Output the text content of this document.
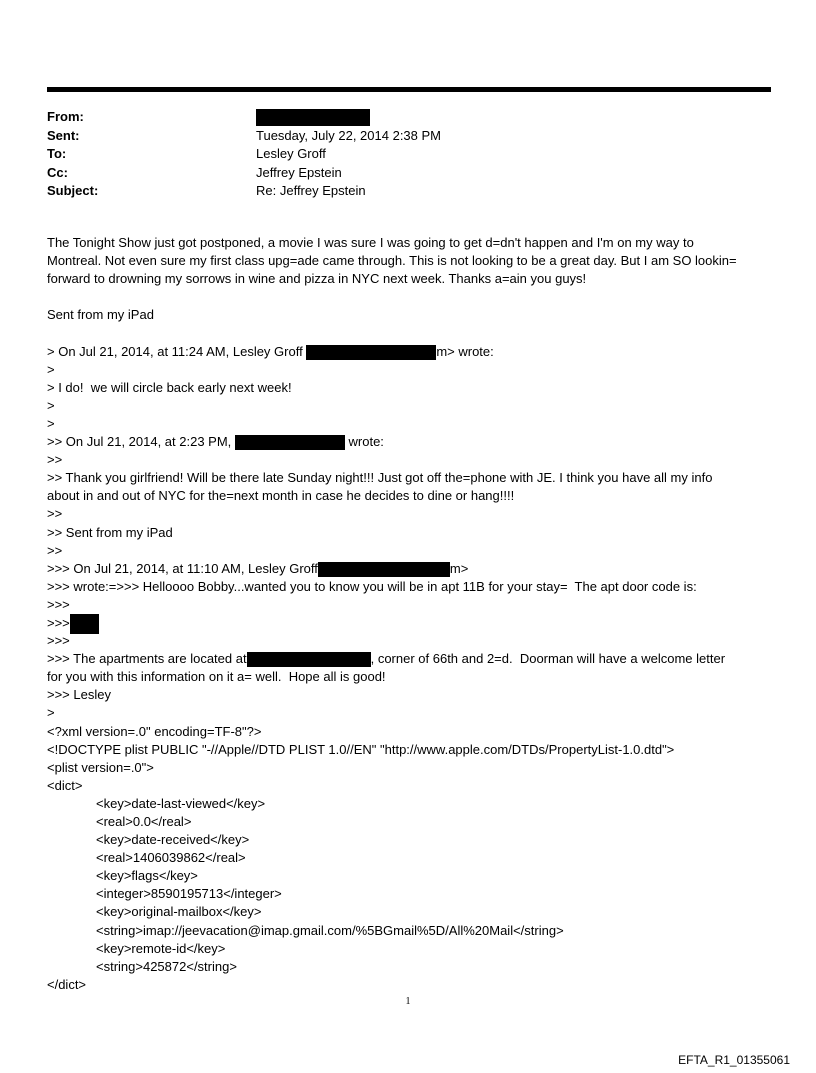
From:
Sent:	Tuesday, July 22, 2014 2:38 PM
To:	Lesley Groff
Cc:	Jeffrey Epstein
Subject:	Re: Jeffrey Epstein
The Tonight Show just got postponed, a movie I was sure I was going to get d=dn't happen and I'm on my way to
Montreal. Not even sure my first class upg=ade came through. This is not looking to be a great day. But I am SO lookin=
forward to drowning my sorrows in wine and pizza in NYC next week. Thanks a=ain you guys!
Sent from my iPad
> On Jul 21, 2014, at 11:24 AM, Lesley Groff	m> wrote:
>
> I do!  we will circle back early next week!
>
>
>> On Jul 21, 2014, at 2:23 PM,	wrote:
>>
>> Thank you girlfriend! Will be there late Sunday night!!! Just got off the=phone with JE. I think you have all my info
about in and out of NYC for the=next month in case he decides to dine or hang!!!!
>>
>> Sent from my iPad
>>
>>> On Jul 21, 2014, at 11:10 AM, Lesley Groff	m>
>>> wrote:=>>> Helloooo Bobby...wanted you to know you will be in apt 11B for your stay=  The apt door code is:
>>>
>>>
>>>
>>> The apartments are located at	, corner of 66th and 2=d.  Doorman will have a welcome letter
for you with this information on it a= well.  Hope all is good!
>>> Lesley
>
<?xml version=.0" encoding=TF-8"?>
<!DOCTYPE plist PUBLIC "-//Apple//DTD PLIST 1.0//EN" "http://www.apple.com/DTDs/PropertyList-1.0.dtd">
<plist version=.0">
<dict>
<key>date-last-viewed</key>
<real>0.0</real>
<key>date-received</key>
<real>1406039862</real>
<key>flags</key>
<integer>8590195713</integer>
<key>original-mailbox</key>
<string>imap://jeevacation@imap.gmail.com/%5BGmail%5D/All%20Mail</string>
<key>remote-id</key>
<string>425872</string>
</dict>
1
EFTA_R1_01355061
